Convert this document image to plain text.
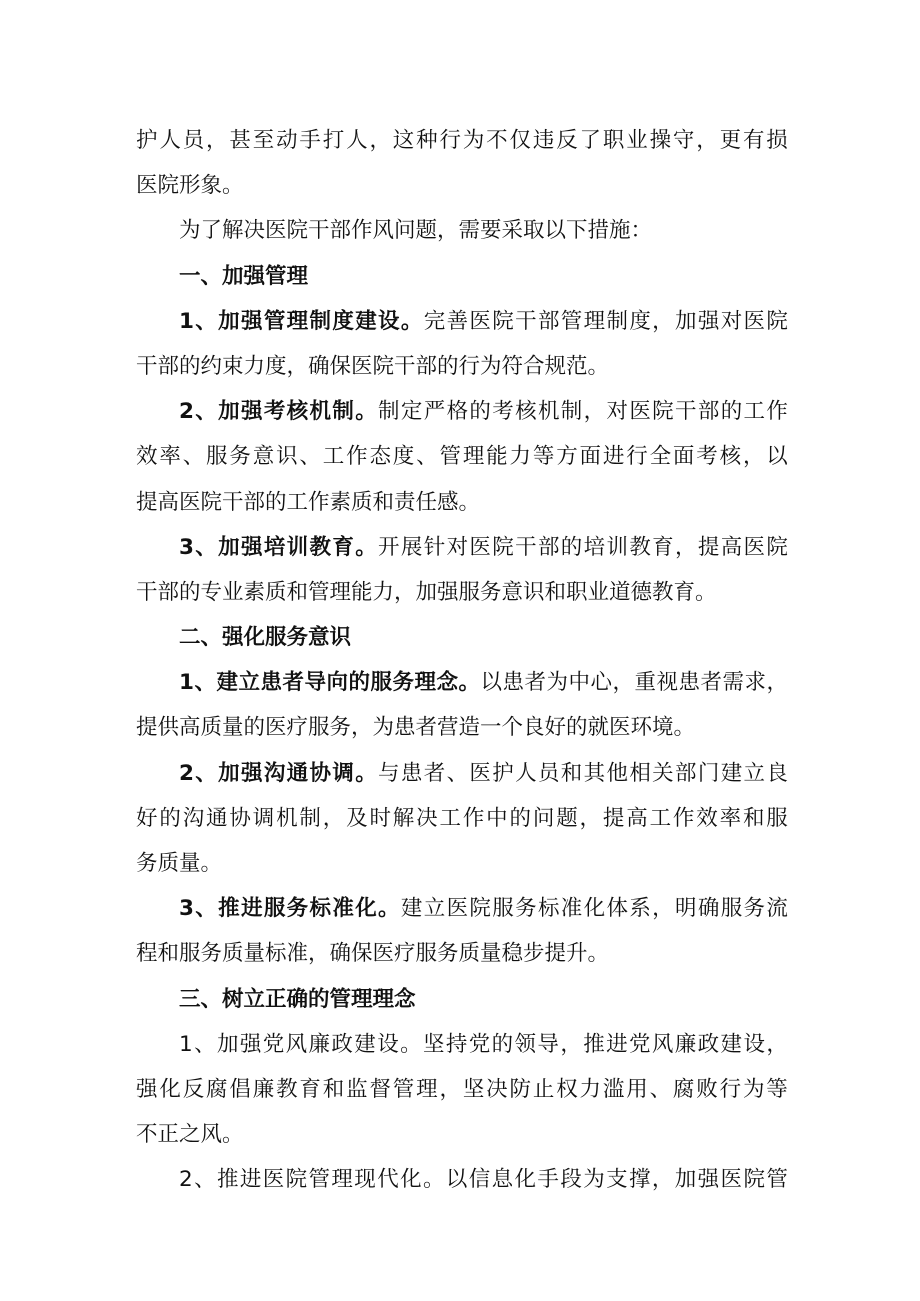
护 人 员 ， 甚 至 动 手 打 人 ， 这 种 行 为 不 仅 违 反 了 职 业 操 守 ， 更 有 损
医院形象。
为了解决医院干部作风问题，需要采取以下措施：
一、加强管理
1 、 加 强 管 理 制 度 建 设 。 完 善 医 院 干 部 管 理 制 度 ， 加 强 对 医 院
干部的约束力度，确保医院干部的行为符合规范。
2 、 加 强 考 核 机 制 。 制 定 严 格 的 考 核 机 制 ， 对 医 院 干 部 的 工 作
效 率 、 服 务 意 识 、 工 作 态 度 、 管 理 能 力 等 方 面 进 行 全 面 考 核 ， 以
提高医院干部的工作素质和责任感。
3 、 加 强 培 训 教 育 。 开 展 针 对 医 院 干 部 的 培 训 教 育 ， 提 高 医 院
干部的专业素质和管理能力，加强服务意识和职业道德教育。
二、强化服务意识
1 、 建 立 患 者 导 向 的 服 务 理 念 。 以 患 者 为 中 心 ， 重 视 患 者 需 求 ，
提供高质量的医疗服务，为患者营造一个良好的就医环境。
2 、 加 强 沟 通 协 调 。 与 患 者 、 医 护 人 员 和 其 他 相 关 部 门 建 立 良
好 的 沟 通 协 调 机 制 ， 及 时 解 决 工 作 中 的 问 题 ， 提 高 工 作 效 率 和 服
务质量。
3 、 推 进 服 务 标 准 化 。 建 立 医 院 服 务 标 准 化 体 系 ， 明 确 服 务 流
程和服务质量标准，确保医疗服务质量稳步提升。
三、树立正确的管理理念
1 、 加 强 党 风 廉 政 建 设 。 坚 持 党 的 领 导 ， 推 进 党 风 廉 政 建 设 ，
强 化 反 腐 倡 廉 教 育 和 监 督 管 理 ， 坚 决 防 止 权 力 滥 用 、 腐 败 行 为 等
不正之风。
2 、 推 进 医 院 管 理 现 代 化 。 以 信 息 化 手 段 为 支 撑 ， 加 强 医 院 管
